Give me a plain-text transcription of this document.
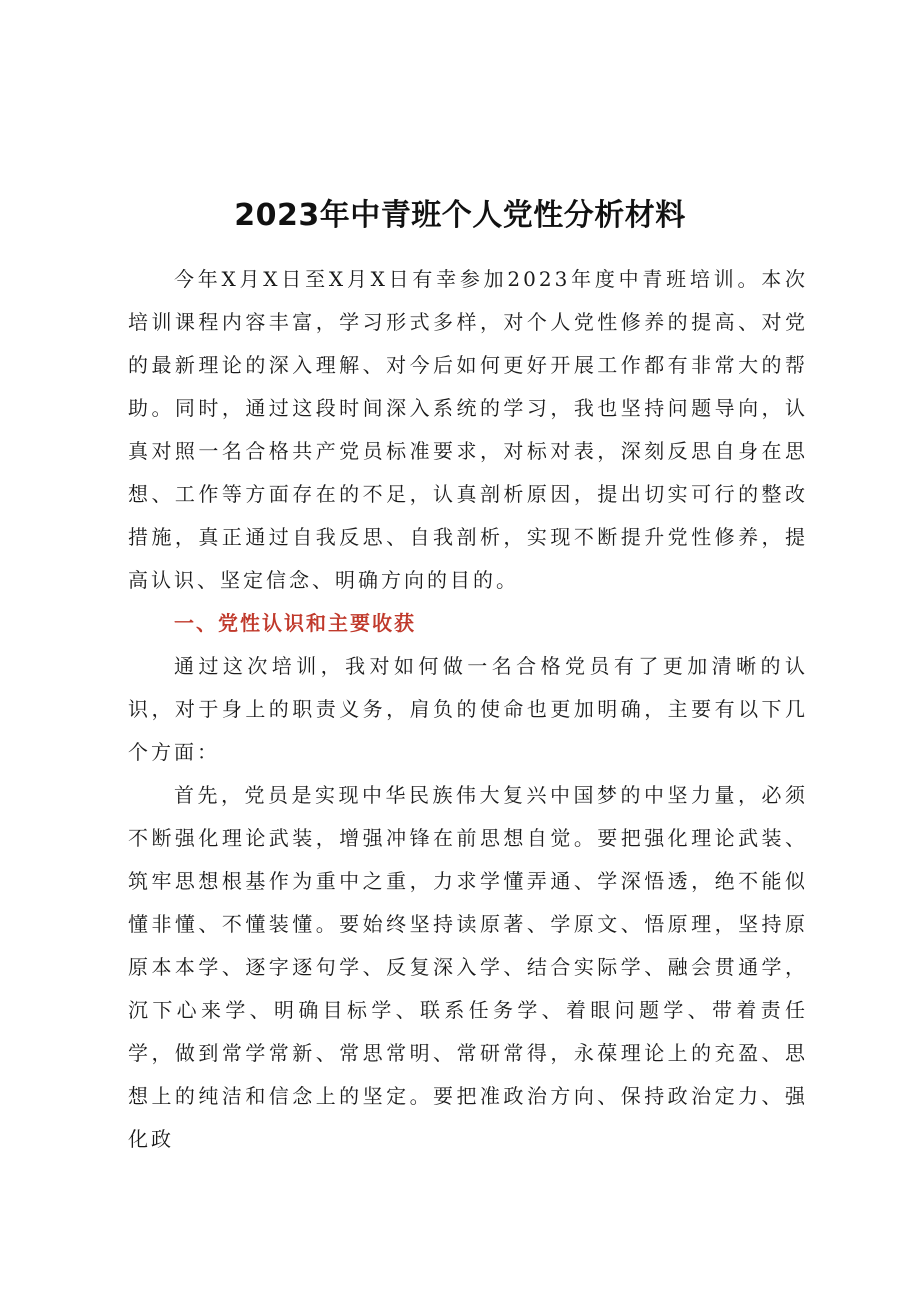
2023年中青班个人党性分析材料

今年X月X日至X月X日有幸参加2023年度中青班培训。本次培训课程内容丰富，学习形式多样，对个人党性修养的提高、对党的最新理论的深入理解、对今后如何更好开展工作都有非常大的帮助。同时，通过这段时间深入系统的学习，我也坚持问题导向，认真对照一名合格共产党员标准要求，对标对表，深刻反思自身在思想、工作等方面存在的不足，认真剖析原因，提出切实可行的整改措施，真正通过自我反思、自我剖析，实现不断提升党性修养，提高认识、坚定信念、明确方向的目的。

一、党性认识和主要收获

通过这次培训，我对如何做一名合格党员有了更加清晰的认识，对于身上的职责义务，肩负的使命也更加明确，主要有以下几个方面：

首先，党员是实现中华民族伟大复兴中国梦的中坚力量，必须不断强化理论武装，增强冲锋在前思想自觉。要把强化理论武装、筑牢思想根基作为重中之重，力求学懂弄通、学深悟透，绝不能似懂非懂、不懂装懂。要始终坚持读原著、学原文、悟原理，坚持原原本本学、逐字逐句学、反复深入学、结合实际学、融会贯通学，沉下心来学、明确目标学、联系任务学、着眼问题学、带着责任学，做到常学常新、常思常明、常研常得，永葆理论上的充盈、思想上的纯洁和信念上的坚定。要把准政治方向、保持政治定力、强化政
